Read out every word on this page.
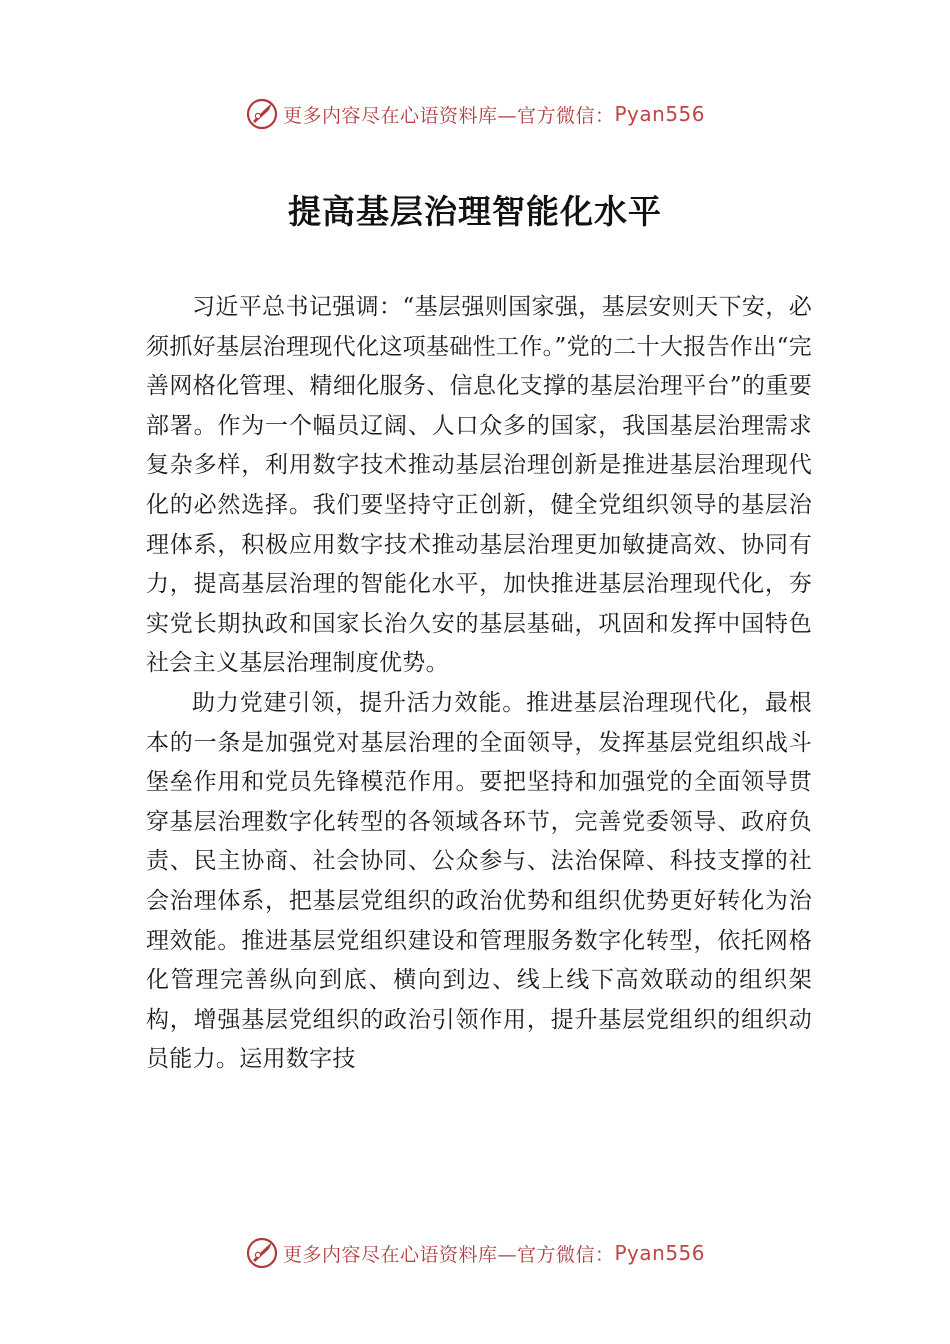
更多内容尽在心语资料库— 官方微信： Pyan556
提高基层治理智能化水平

习近平总书记强调：“基层强则国家强，基层安则天下安，必须抓好基层治理现代化这项基础性工作。”党的二十大报告作出“完善网格化管理、精细化服务、信息化支撑的基层治理平台”的重要部署。作为一个幅员辽阔、人口众多的国家，我国基层治理需求复杂多样，利用数字技术推动基层治理创新是推进基层治理现代化的必然选择。我们要坚持守正创新，健全党组织领导的基层治理体系，积极应用数字技术推动基层治理更加敏捷高效、协同有力，提高基层治理的智能化水平，加快推进基层治理现代化，夯实党长期执政和国家长治久安的基层基础，巩固和发挥中国特色社会主义基层治理制度优势。

助力党建引领，提升活力效能。推进基层治理现代化，最根本的一条是加强党对基层治理的全面领导，发挥基层党组织战斗堡垒作用和党员先锋模范作用。要把坚持和加强党的全面领导贯穿基层治理数字化转型的各领域各环节，完善党委领导、政府负责、民主协商、社会协同、公众参与、法治保障、科技支撑的社会治理体系，把基层党组织的政治优势和组织优势更好转化为治理效能。推进基层党组织建设和管理服务数字化转型，依托网格化管理完善纵向到底、横向到边、线上线下高效联动的组织架构，增强基层党组织的政治引领作用，提升基层党组织的组织动员能力。运用数字技

更多内容尽在心语资料库— 官方微信： Pyan556
